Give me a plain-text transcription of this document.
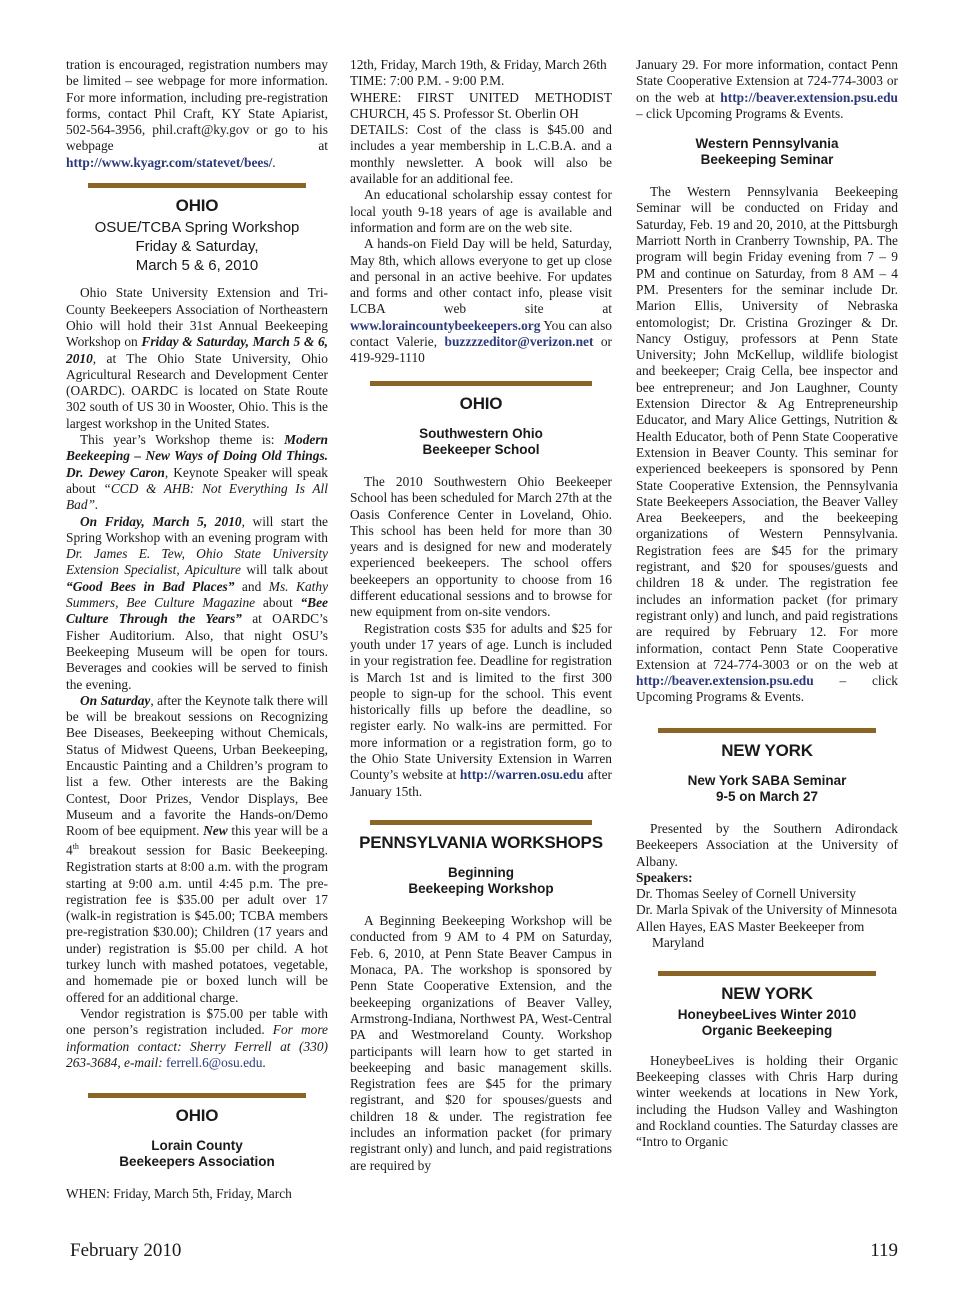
tration is encouraged, registration numbers may be limited – see webpage for more information. For more information, including pre-registration forms, contact Phil Craft, KY State Apiarist, 502-564-3956, phil.craft@ky.gov or go to his webpage at http://www.kyagr.com/statevet/bees/.

OHIO
OSUE/TCBA Spring Workshop
Friday & Saturday,
March 5 & 6, 2010

Ohio State University Extension and Tri-County Beekeepers Association of Northeastern Ohio will hold their 31st Annual Beekeeping Workshop on Friday & Saturday, March 5 & 6, 2010, at The Ohio State University, Ohio Agricultural Research and Development Center (OARDC). OARDC is located on State Route 302 south of US 30 in Wooster, Ohio. This is the largest workshop in the United States.

This year’s Workshop theme is: Modern Beekeeping – New Ways of Doing Old Things. Dr. Dewey Caron, Keynote Speaker will speak about “CCD & AHB: Not Everything Is All Bad”.

On Friday, March 5, 2010, will start the Spring Workshop with an evening program with Dr. James E. Tew, Ohio State University Extension Specialist, Apiculture will talk about “Good Bees in Bad Places” and Ms. Kathy Summers, Bee Culture Magazine about “Bee Culture Through the Years” at OARDC’s Fisher Auditorium. Also, that night OSU’s Beekeeping Museum will be open for tours. Beverages and cookies will be served to finish the evening.

On Saturday, after the Keynote talk there will be will be breakout sessions on Recognizing Bee Diseases, Beekeeping without Chemicals, Status of Midwest Queens, Urban Beekeeping, Encaustic Painting and a Children’s program to list a few. Other interests are the Baking Contest, Door Prizes, Vendor Displays, Bee Museum and a favorite the Hands-on/Demo Room of bee equipment. New this year will be a 4th breakout session for Basic Beekeeping. Registration starts at 8:00 a.m. with the program starting at 9:00 a.m. until 4:45 p.m. The pre-registration fee is $35.00 per adult over 17 (walk-in registration is $45.00; TCBA members pre-registration $30.00); Children (17 years and under) registration is $5.00 per child. A hot turkey lunch with mashed potatoes, vegetable, and homemade pie or boxed lunch will be offered for an additional charge.

Vendor registration is $75.00 per table with one person’s registration included. For more information contact: Sherry Ferrell at (330) 263-3684, e-mail: ferrell.6@osu.edu.

OHIO
Lorain County
Beekeepers Association

WHEN: Friday, March 5th, Friday, March

12th, Friday, March 19th, & Friday, March 26th

TIME: 7:00 P.M. - 9:00 P.M.

WHERE: FIRST UNITED METHODIST CHURCH, 45 S. Professor St. Oberlin OH

DETAILS: Cost of the class is $45.00 and includes a year membership in L.C.B.A. and a monthly newsletter. A book will also be available for an additional fee.

An educational scholarship essay contest for local youth 9-18 years of age is available and information and form are on the web site.

A hands-on Field Day will be held, Saturday, May 8th, which allows everyone to get up close and personal in an active beehive. For updates and forms and other contact info, please visit LCBA web site at www.loraincountybeekeepers.org You can also contact Valerie, buzzzzeditor@verizon.net or 419-929-1110

OHIO
Southwestern Ohio
Beekeeper School

The 2010 Southwestern Ohio Beekeeper School has been scheduled for March 27th at the Oasis Conference Center in Loveland, Ohio. This school has been held for more than 30 years and is designed for new and moderately experienced beekeepers. The school offers beekeepers an opportunity to choose from 16 different educational sessions and to browse for new equipment from on-site vendors.

Registration costs $35 for adults and $25 for youth under 17 years of age. Lunch is included in your registration fee. Deadline for registration is March 1st and is limited to the first 300 people to sign-up for the school. This event historically fills up before the deadline, so register early. No walk-ins are permitted. For more information or a registration form, go to the Ohio State University Extension in Warren County’s website at http://warren.osu.edu after January 15th.

PENNSYLVANIA WORKSHOPS
Beginning
Beekeeping Workshop

A Beginning Beekeeping Workshop will be conducted from 9 AM to 4 PM on Saturday, Feb. 6, 2010, at Penn State Beaver Campus in Monaca, PA. The workshop is sponsored by Penn State Cooperative Extension, and the beekeeping organizations of Beaver Valley, Armstrong-Indiana, Northwest PA, West-Central PA and Westmoreland County. Workshop participants will learn how to get started in beekeeping and basic management skills. Registration fees are $45 for the primary registrant, and $20 for spouses/guests and children 18 & under. The registration fee includes an information packet (for primary registrant only) and lunch, and paid registrations are required by

January 29. For more information, contact Penn State Cooperative Extension at 724-774-3003 or on the web at http://beaver.extension.psu.edu – click Upcoming Programs & Events.

Western Pennsylvania
Beekeeping Seminar

The Western Pennsylvania Beekeeping Seminar will be conducted on Friday and Saturday, Feb. 19 and 20, 2010, at the Pittsburgh Marriott North in Cranberry Township, PA. The program will begin Friday evening from 7 – 9 PM and continue on Saturday, from 8 AM – 4 PM. Presenters for the seminar include Dr. Marion Ellis, University of Nebraska entomologist; Dr. Cristina Grozinger & Dr. Nancy Ostiguy, professors at Penn State University; John McKellup, wildlife biologist and beekeeper; Craig Cella, bee inspector and bee entrepreneur; and Jon Laughner, County Extension Director & Ag Entrepreneurship Educator, and Mary Alice Gettings, Nutrition & Health Educator, both of Penn State Cooperative Extension in Beaver County. This seminar for experienced beekeepers is sponsored by Penn State Cooperative Extension, the Pennsylvania State Beekeepers Association, the Beaver Valley Area Beekeepers, and the beekeeping organizations of Western Pennsylvania. Registration fees are $45 for the primary registrant, and $20 for spouses/guests and children 18 & under. The registration fee includes an information packet (for primary registrant only) and lunch, and paid registrations are required by February 12. For more information, contact Penn State Cooperative Extension at 724-774-3003 or on the web at http://beaver.extension.psu.edu – click Upcoming Programs & Events.

NEW YORK
New York SABA Seminar
9-5 on March 27

Presented by the Southern Adirondack Beekeepers Association at the University of Albany.

Speakers:

Dr. Thomas Seeley of Cornell University

Dr. Marla Spivak of the University of Minnesota

Allen Hayes, EAS Master Beekeeper from Maryland

NEW YORK
HoneybeeLives Winter 2010
Organic Beekeeping

HoneybeeLives is holding their Organic Beekeeping classes with Chris Harp during winter weekends at locations in New York, including the Hudson Valley and Washington and Rockland counties. The Saturday classes are “Intro to Organic

February 2010	119
